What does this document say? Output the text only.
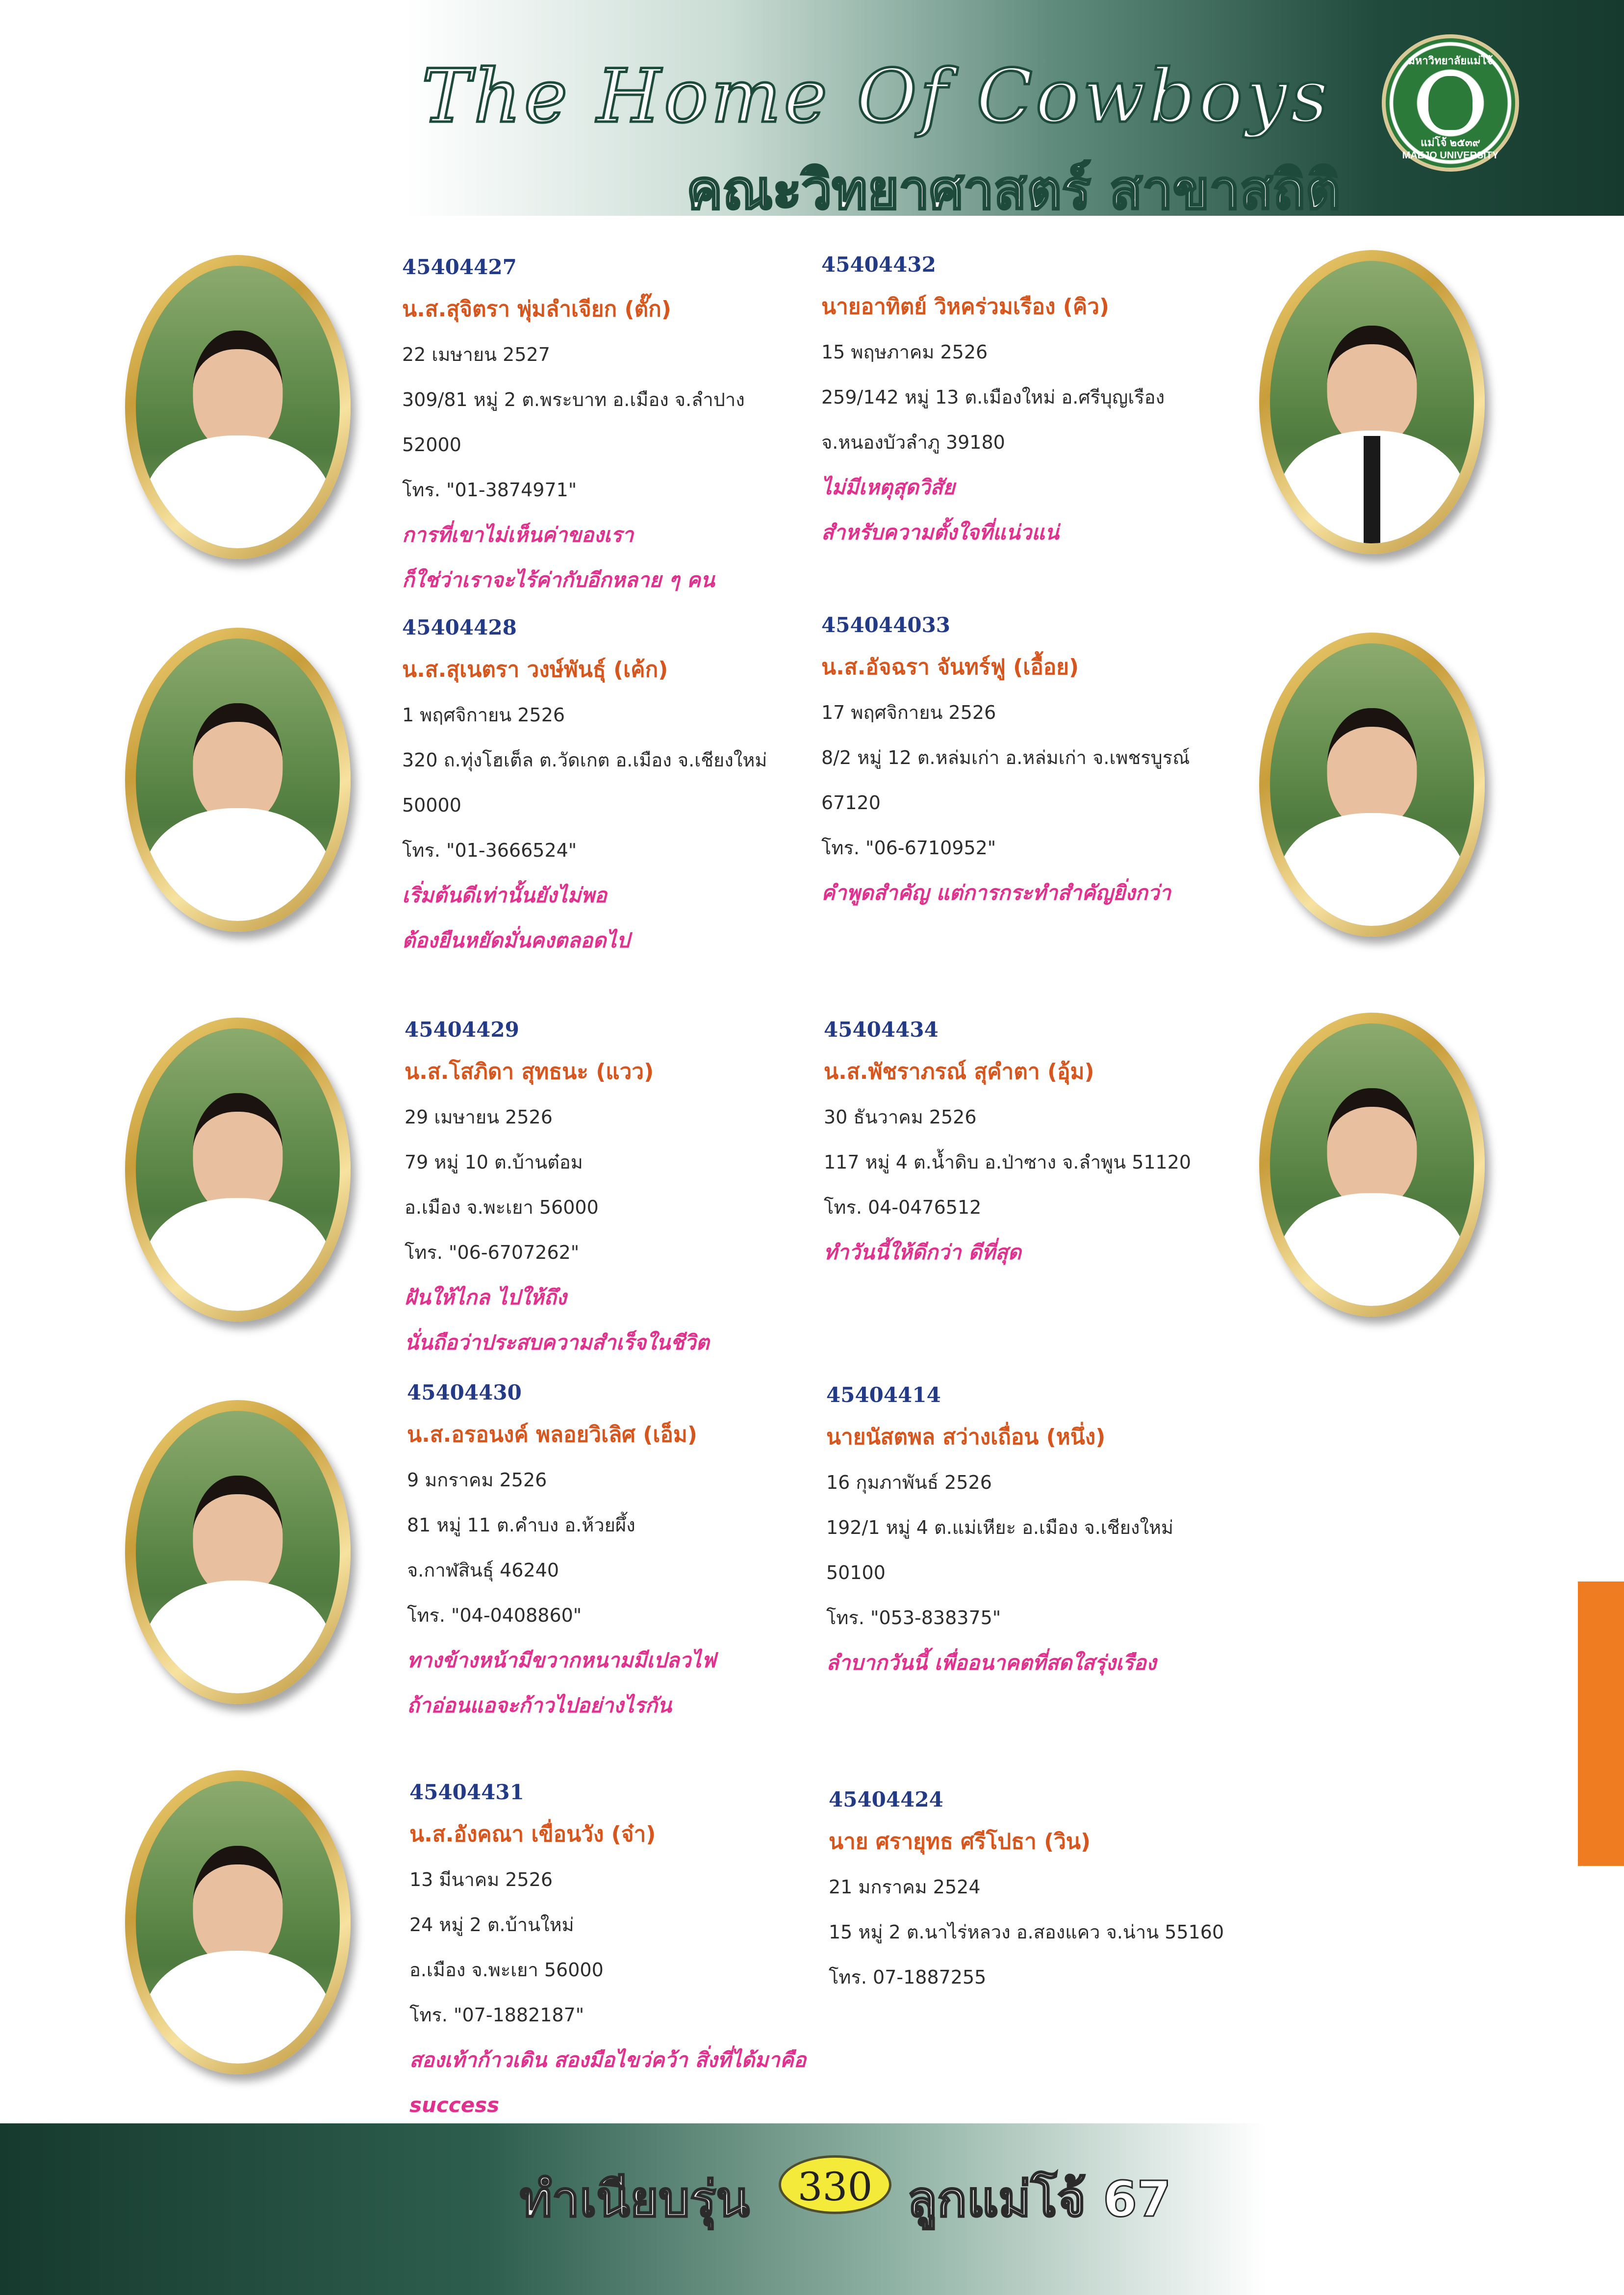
The Home Of Cowboys
คณะวิทยาศาสตร์ สาขาสถิติ
มหาวิทยาลัยแม่โจ้
แม่โจ้ ๒๕๓๙
MAEJO UNIVERSITY
45404427
น.ส.สุจิตรา พุ่มลำเจียก (ตั๊ก)
22 เมษายน 2527
309/81 หมู่ 2 ต.พระบาท อ.เมือง จ.ลำปาง
52000
โทร. "01-3874971"
การที่เขาไม่เห็นค่าของเรา
ก็ใช่ว่าเราจะไร้ค่ากับอีกหลาย ๆ คน
45404432
นายอาทิตย์ วิหคร่วมเรือง (คิว)
15 พฤษภาคม 2526
259/142 หมู่ 13 ต.เมืองใหม่ อ.ศรีบุญเรือง
จ.หนองบัวลำภู 39180
ไม่มีเหตุสุดวิสัย
สำหรับความตั้งใจที่แน่วแน่
45404428
น.ส.สุเนตรา วงษ์พันธุ์ (เค้ก)
1 พฤศจิกายน 2526
320 ถ.ทุ่งโฮเต็ล ต.วัดเกต อ.เมือง จ.เชียงใหม่
50000
โทร. "01-3666524"
เริ่มต้นดีเท่านั้นยังไม่พอ
ต้องยืนหยัดมั่นคงตลอดไป
454044033
น.ส.อัจฉรา จันทร์ฟู (เอื้อย)
17 พฤศจิกายน 2526
8/2 หมู่ 12 ต.หล่มเก่า อ.หล่มเก่า จ.เพชรบูรณ์
67120
โทร. "06-6710952"
คำพูดสำคัญ แต่การกระทำสำคัญยิ่งกว่า
45404429
น.ส.โสภิดา สุทธนะ (แวว)
29 เมษายน 2526
79 หมู่ 10 ต.บ้านต๋อม
อ.เมือง จ.พะเยา 56000
โทร. "06-6707262"
ฝันให้ไกล ไปให้ถึง
นั่นถือว่าประสบความสำเร็จในชีวิต
45404434
น.ส.พัชราภรณ์ สุคำตา (อุ้ม)
30 ธันวาคม 2526
117 หมู่ 4 ต.น้ำดิบ อ.ป่าซาง จ.ลำพูน 51120
โทร. 04-0476512
ทำวันนี้ให้ดีกว่า ดีที่สุด
45404430
น.ส.อรอนงค์ พลอยวิเลิศ (เอ็ม)
9 มกราคม 2526
81 หมู่ 11 ต.คำบง อ.ห้วยผึ้ง
จ.กาฬสินธุ์ 46240
โทร. "04-0408860"
ทางข้างหน้ามีขวากหนามมีเปลวไฟ
ถ้าอ่อนแอจะก้าวไปอย่างไรกัน
45404414
นายนัสตพล สว่างเถื่อน (หนึ่ง)
16 กุมภาพันธ์ 2526
192/1 หมู่ 4 ต.แม่เหียะ อ.เมือง จ.เชียงใหม่
50100
โทร. "053-838375"
ลำบากวันนี้ เพื่ออนาคตที่สดใสรุ่งเรือง
45404431
น.ส.อังคณา เขื่อนวัง (จ๋า)
13 มีนาคม 2526
24 หมู่ 2 ต.บ้านใหม่
อ.เมือง จ.พะเยา 56000
โทร. "07-1882187"
สองเท้าก้าวเดิน สองมือไขว่คว้า สิ่งที่ได้มาคือ
success
45404424
นาย ศรายุทธ ศรีโปธา (วิน)
21 มกราคม 2524
15 หมู่ 2 ต.นาไร่หลวง อ.สองแคว จ.น่าน 55160
โทร. 07-1887255
ทำเนียบรุ่น	330 ลูกแม่โจ้ 67
